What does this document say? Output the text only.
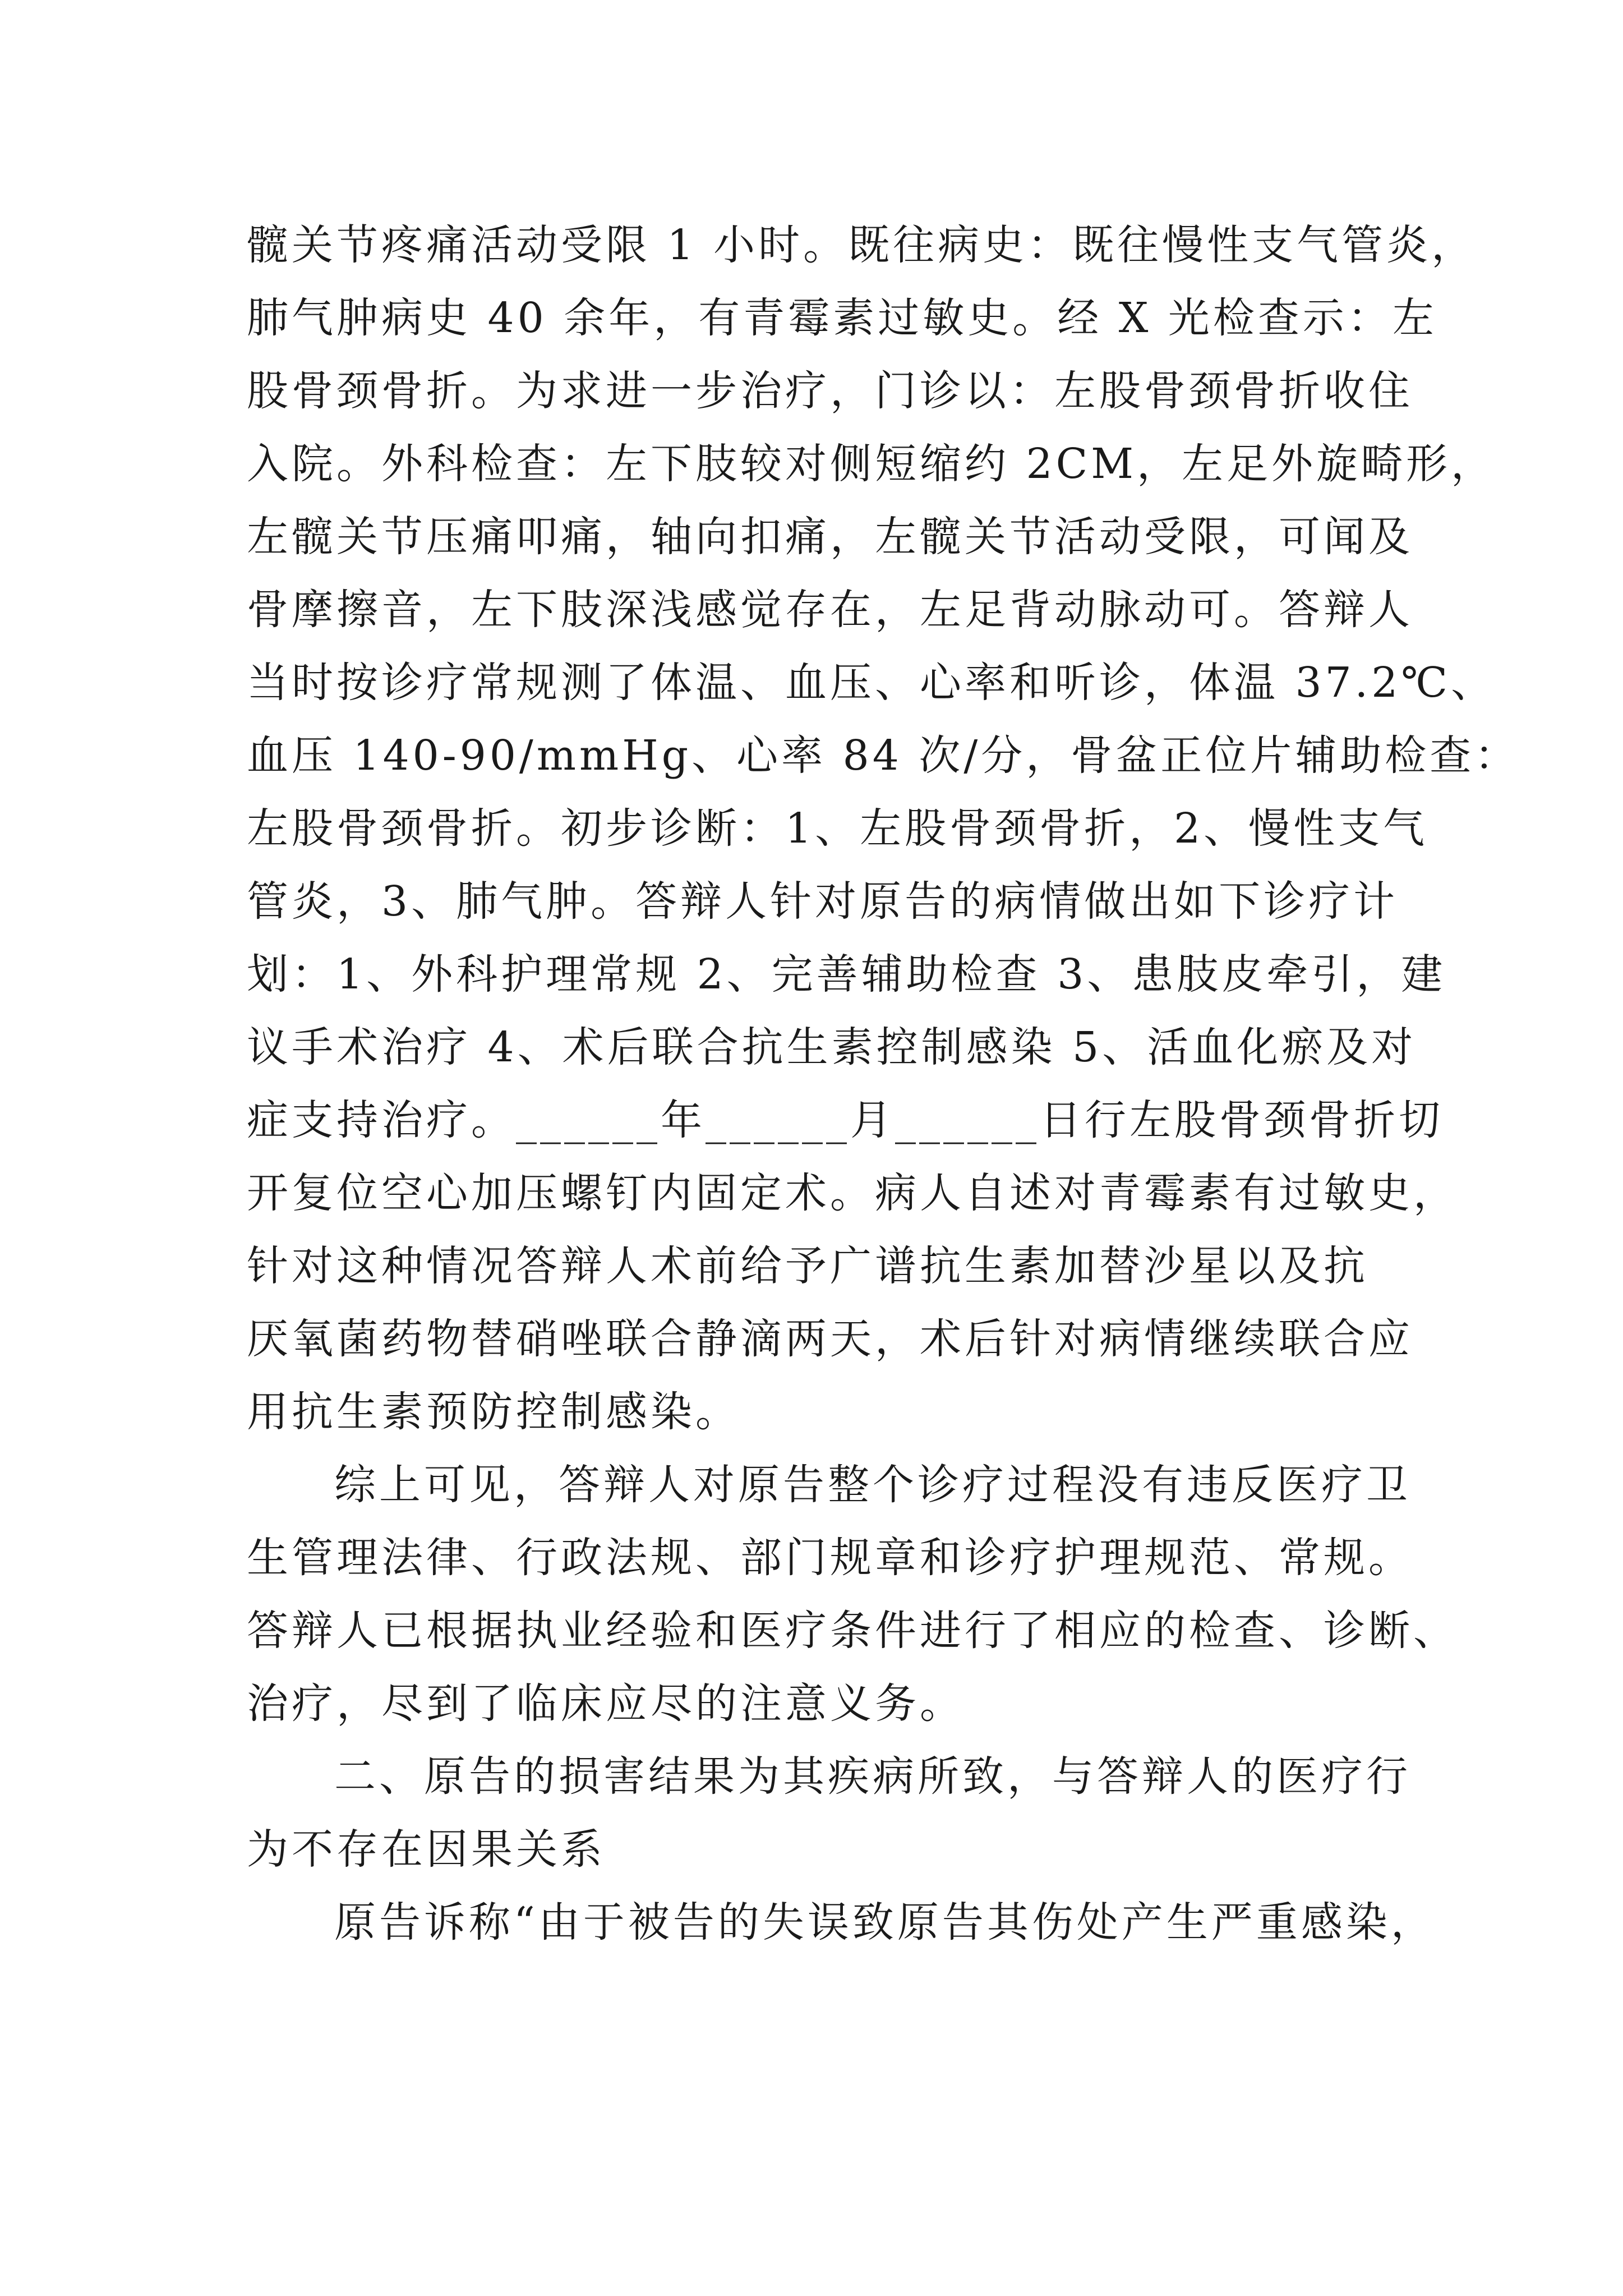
髋关节疼痛活动受限 1 小时。既往病史：既往慢性支气管炎，
肺气肿病史 40 余年，有青霉素过敏史。经 X 光检查示：左
股骨颈骨折。为求进一步治疗，门诊以：左股骨颈骨折收住
入院。外科检查：左下肢较对侧短缩约 2CM，左足外旋畸形，
左髋关节压痛叩痛，轴向扣痛，左髋关节活动受限，可闻及
骨摩擦音，左下肢深浅感觉存在，左足背动脉动可。答辩人
当时按诊疗常规测了体温、血压、心率和听诊，体温 37.2℃、
血压 140-90/mmHg、心率 84 次/分，骨盆正位片辅助检查：
左股骨颈骨折。初步诊断：1、左股骨颈骨折，2、慢性支气
管炎，3、肺气肿。答辩人针对原告的病情做出如下诊疗计
划：1、外科护理常规 2、完善辅助检查 3、患肢皮牵引，建
议手术治疗 4、术后联合抗生素控制感染 5、活血化瘀及对
症支持治疗。______年______月______日行左股骨颈骨折切
开复位空心加压螺钉内固定术。病人自述对青霉素有过敏史，
针对这种情况答辩人术前给予广谱抗生素加替沙星以及抗
厌氧菌药物替硝唑联合静滴两天，术后针对病情继续联合应
用抗生素预防控制感染。
综上可见，答辩人对原告整个诊疗过程没有违反医疗卫
生管理法律、行政法规、部门规章和诊疗护理规范、常规。
答辩人已根据执业经验和医疗条件进行了相应的检查、诊断、
治疗，尽到了临床应尽的注意义务。
二、原告的损害结果为其疾病所致，与答辩人的医疗行
为不存在因果关系
原告诉称“由于被告的失误致原告其伤处产生严重感染，
